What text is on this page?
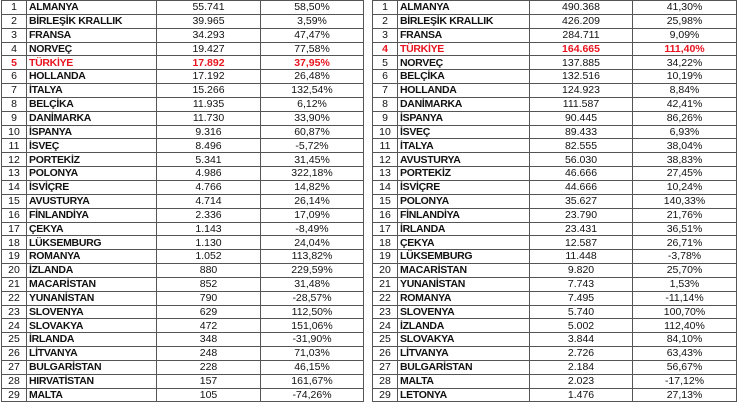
1	ALMANYA	55.741	58,50%
2	BİRLEŞİK KRALLIK	39.965	3,59%
3	FRANSA	34.293	47,47%
4	NORVEÇ	19.427	77,58%
5	TÜRKİYE	17.892	37,95%
6	HOLLANDA	17.192	26,48%
7	İTALYA	15.266	132,54%
8	BELÇİKA	11.935	6,12%
9	DANİMARKA	11.730	33,90%
10	İSPANYA	9.316	60,87%
11	İSVEÇ	8.496	-5,72%
12	PORTEKİZ	5.341	31,45%
13	POLONYA	4.986	322,18%
14	İSVİÇRE	4.766	14,82%
15	AVUSTURYA	4.714	26,14%
16	FİNLANDİYA	2.336	17,09%
17	ÇEKYA	1.143	-8,49%
18	LÜKSEMBURG	1.130	24,04%
19	ROMANYA	1.052	113,82%
20	İZLANDA	880	229,59%
21	MACARİSTAN	852	31,48%
22	YUNANİSTAN	790	-28,57%
23	SLOVENYA	629	112,50%
24	SLOVAKYA	472	151,06%
25	İRLANDA	348	-31,90%
26	LİTVANYA	248	71,03%
27	BULGARİSTAN	228	46,15%
28	HIRVATİSTAN	157	161,67%
29	MALTA	105	-74,26%
1	ALMANYA	490.368	41,30%
2	BİRLEŞİK KRALLIK	426.209	25,98%
3	FRANSA	284.711	9,09%
4	TÜRKİYE	164.665	111,40%
5	NORVEÇ	137.885	34,22%
6	BELÇİKA	132.516	10,19%
7	HOLLANDA	124.923	8,84%
8	DANİMARKA	111.587	42,41%
9	İSPANYA	90.445	86,26%
10	İSVEÇ	89.433	6,93%
11	İTALYA	82.555	38,04%
12	AVUSTURYA	56.030	38,83%
13	PORTEKİZ	46.666	27,45%
14	İSVİÇRE	44.666	10,24%
15	POLONYA	35.627	140,33%
16	FİNLANDİYA	23.790	21,76%
17	İRLANDA	23.431	36,51%
18	ÇEKYA	12.587	26,71%
19	LÜKSEMBURG	11.448	-3,78%
20	MACARİSTAN	9.820	25,70%
21	YUNANİSTAN	7.743	1,53%
22	ROMANYA	7.495	-11,14%
23	SLOVENYA	5.740	100,70%
24	İZLANDA	5.002	112,40%
25	SLOVAKYA	3.844	84,10%
26	LİTVANYA	2.726	63,43%
27	BULGARİSTAN	2.184	56,67%
28	MALTA	2.023	-17,12%
29	LETONYA	1.476	27,13%
